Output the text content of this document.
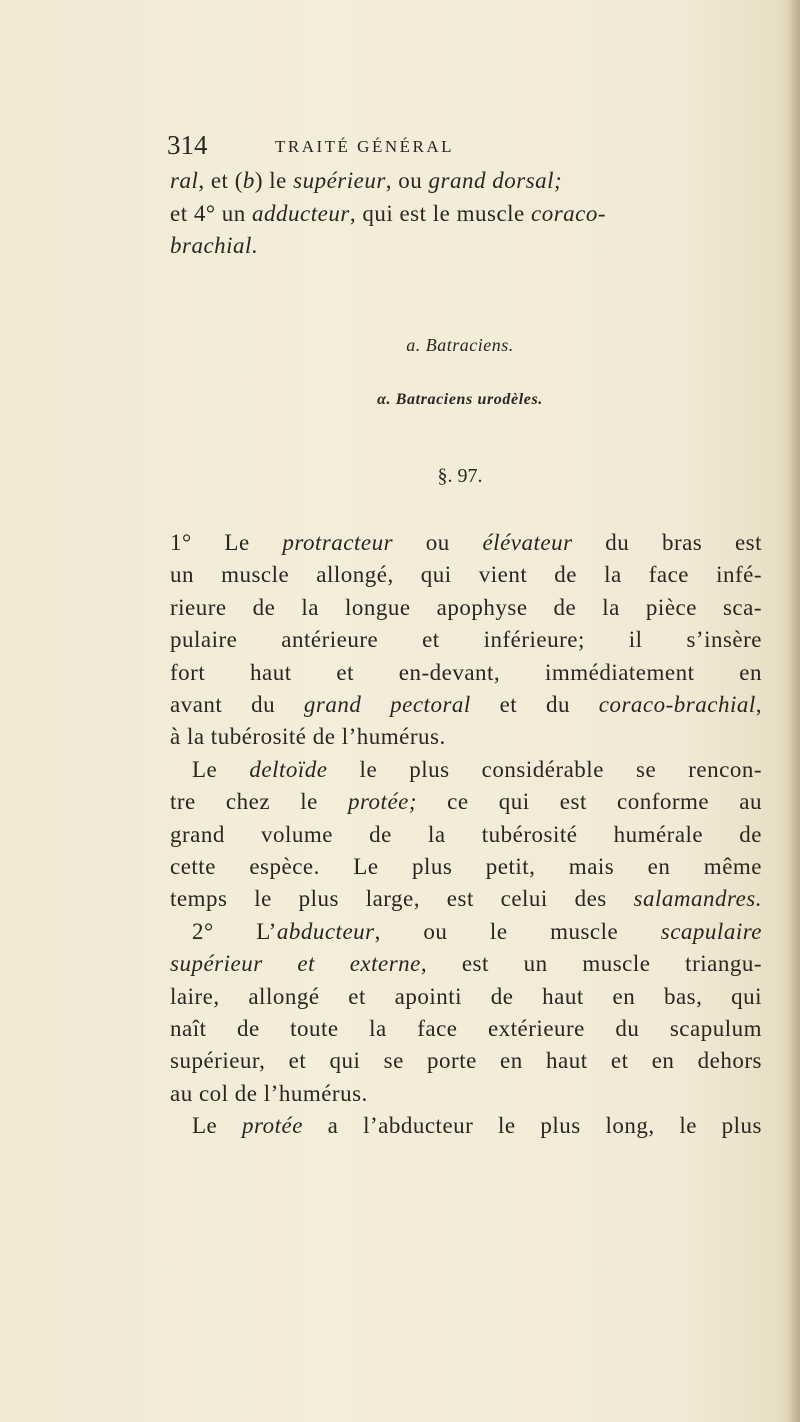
314	TRAITÉ GÉNÉRAL
ral, et (b) le supérieur, ou grand dorsal;
et 4° un adducteur, qui est le muscle coraco-
brachial.
a. Batraciens.
α. Batraciens urodèles.
§. 97.
1° Le protracteur ou élévateur du bras est
un muscle allongé, qui vient de la face infé-
rieure de la longue apophyse de la pièce sca-
pulaire antérieure et inférieure; il s’insère
fort haut et en-devant, immédiatement en
avant du grand pectoral et du coraco-brachial,
à la tubérosité de l’humérus.
Le deltoïde le plus considérable se rencon-
tre chez le protée; ce qui est conforme au
grand volume de la tubérosité humérale de
cette espèce. Le plus petit, mais en même
temps le plus large, est celui des salamandres.
2° L’abducteur, ou le muscle scapulaire
supérieur et externe, est un muscle triangu-
laire, allongé et apointi de haut en bas, qui
naît de toute la face extérieure du scapulum
supérieur, et qui se porte en haut et en dehors
au col de l’humérus.
Le protée a l’abducteur le plus long, le plus
